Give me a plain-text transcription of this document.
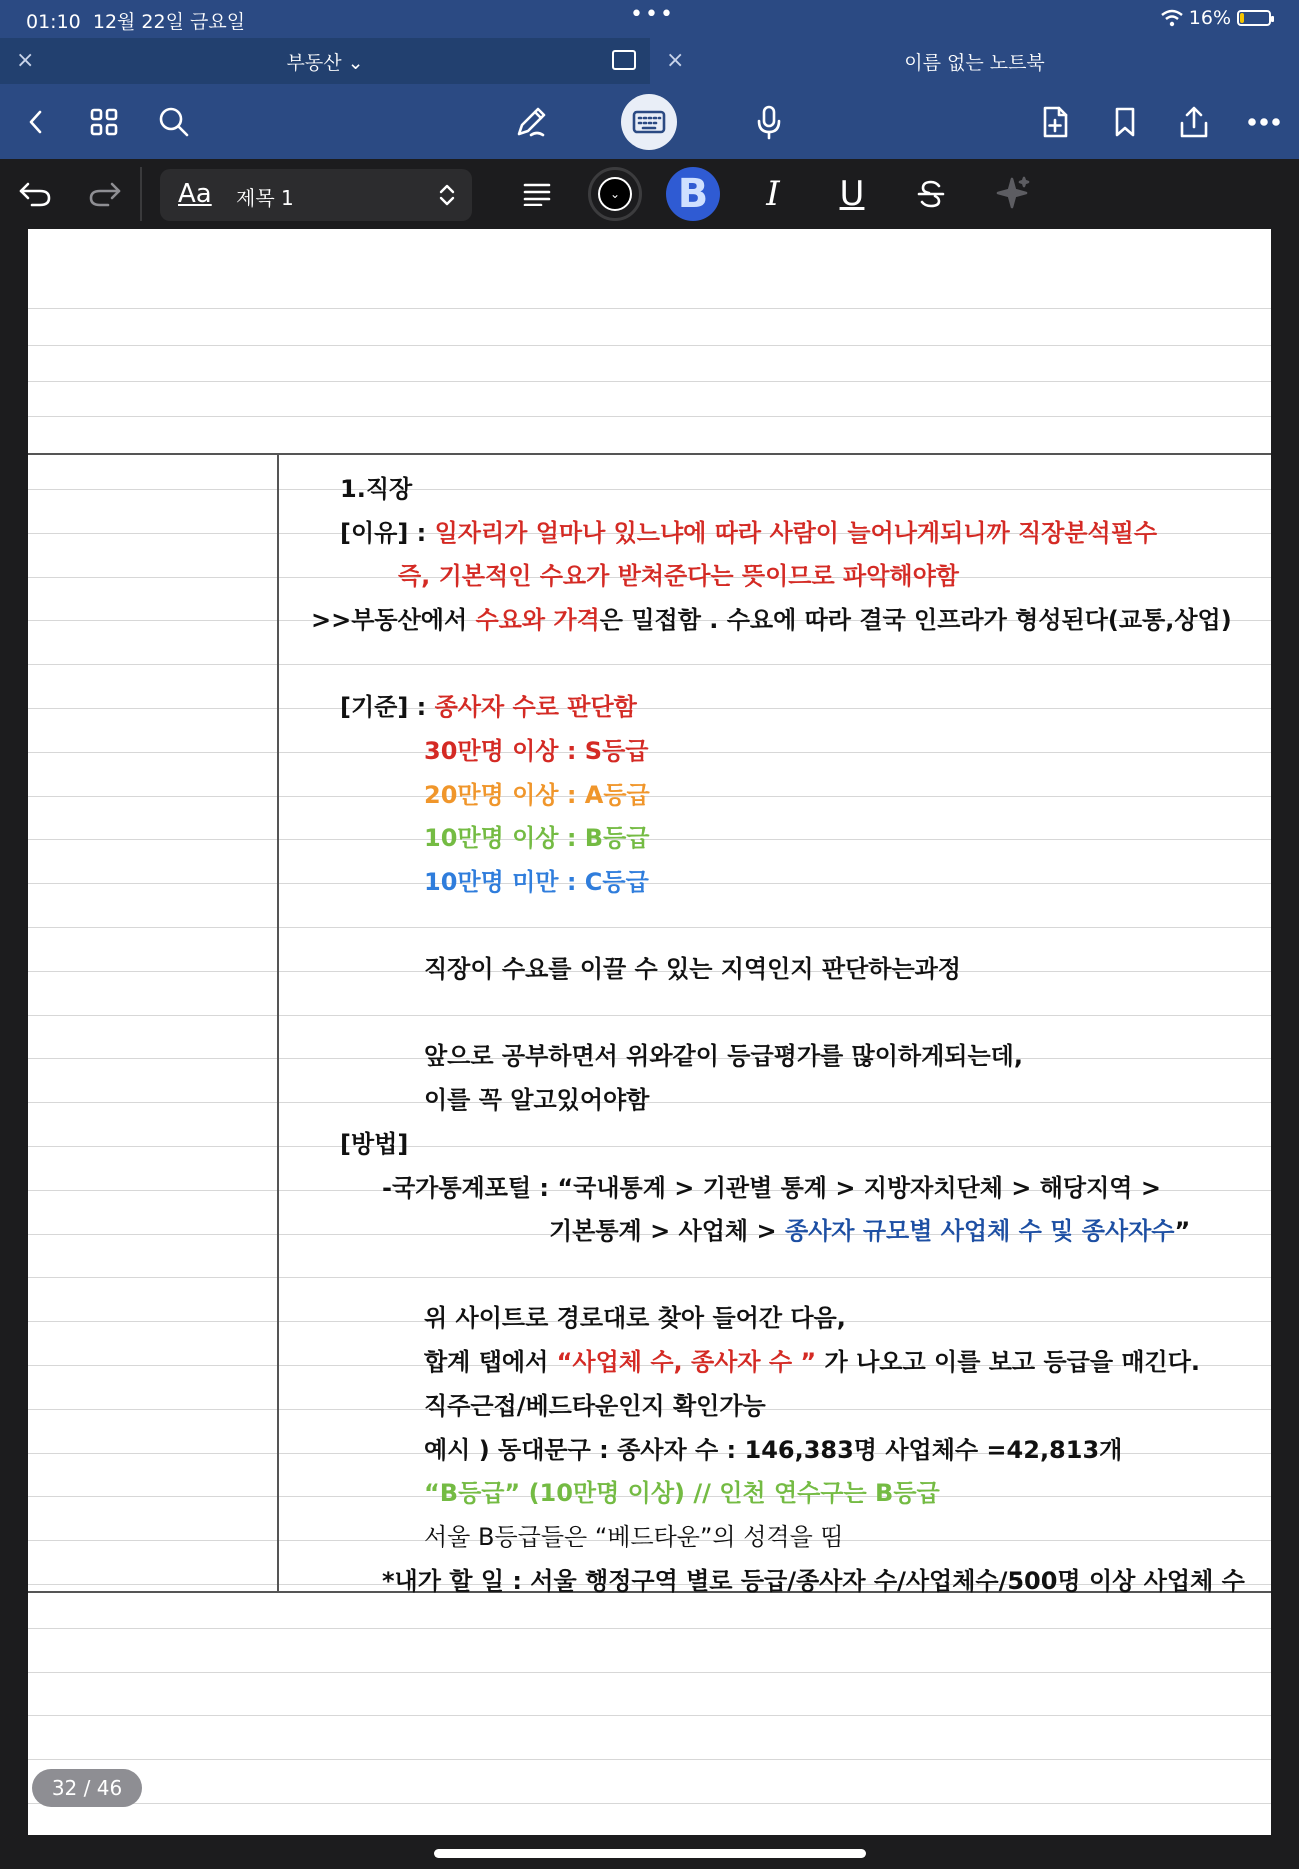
01:10 12월 22일 금요일	•••	16%
×	부동산 ⌄	×	이름 없는 노트북
Aa 제목 1	⌄ B I U
1.직장
[이유] : 일자리가 얼마나 있느냐에 따라 사람이 늘어나게되니까 직장분석필수
즉, 기본적인 수요가 받쳐준다는 뜻이므로 파악해야함
>>부동산에서 수요와 가격은 밀접함 . 수요에 따라 결국 인프라가 형성된다(교통,상업)
[기준] : 종사자 수로 판단함
30만명 이상 : S등급
20만명 이상 : A등급
10만명 이상 : B등급
10만명 미만 : C등급
직장이 수요를 이끌 수 있는 지역인지 판단하는과정
앞으로 공부하면서 위와같이 등급평가를 많이하게되는데,
이를 꼭 알고있어야함
[방법]
-국가통계포털 : “국내통계 > 기관별 통계 > 지방자치단체 > 해당지역 >
기본통계 > 사업체 > 종사자 규모별 사업체 수 및 종사자수”
위 사이트로 경로대로 찾아 들어간 다음,
합계 탭에서 “사업체 수, 종사자 수 ” 가 나오고 이를 보고 등급을 매긴다.
직주근접/베드타운인지 확인가능
예시 ) 동대문구 : 종사자 수 : 146,383명 사업체수 =42,813개
“B등급” (10만명 이상) // 인천 연수구는 B등급
서울 B등급들은 “베드타운”의 성격을 띰
*내가 할 일 : 서울 행정구역 별로 등급/종사자 수/사업체수/500명 이상 사업체 수
32 / 46
